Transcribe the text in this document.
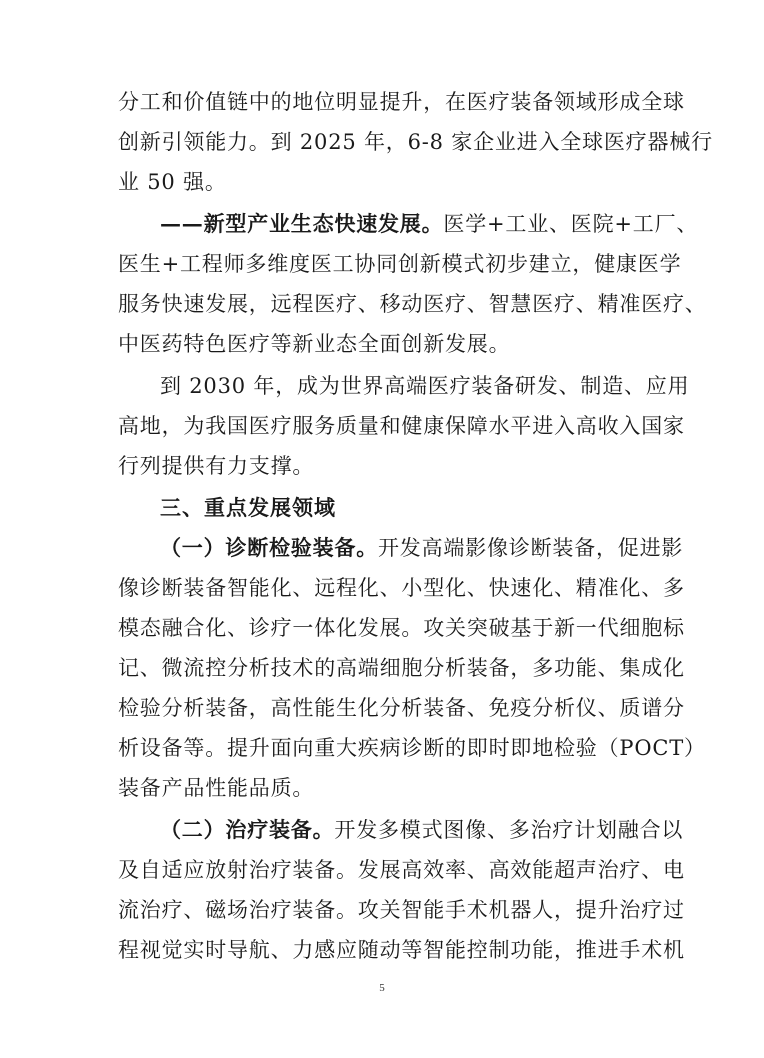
分工和价值链中的地位明显提升，在医疗装备领域形成全球
创新引领能力。到 2025 年，6-8 家企业进入全球医疗器械行
业 50 强。
——新型产业生态快速发展。医学+工业、医院+工厂、
医生+工程师多维度医工协同创新模式初步建立，健康医学
服务快速发展，远程医疗、移动医疗、智慧医疗、精准医疗、
中医药特色医疗等新业态全面创新发展。
到 2030 年，成为世界高端医疗装备研发、制造、应用
高地，为我国医疗服务质量和健康保障水平进入高收入国家
行列提供有力支撑。
三、重点发展领域
（一）诊断检验装备。开发高端影像诊断装备，促进影
像诊断装备智能化、远程化、小型化、快速化、精准化、多
模态融合化、诊疗一体化发展。攻关突破基于新一代细胞标
记、微流控分析技术的高端细胞分析装备，多功能、集成化
检验分析装备，高性能生化分析装备、免疫分析仪、质谱分
析设备等。提升面向重大疾病诊断的即时即地检验（POCT）
装备产品性能品质。
（二）治疗装备。开发多模式图像、多治疗计划融合以
及自适应放射治疗装备。发展高效率、高效能超声治疗、电
流治疗、磁场治疗装备。攻关智能手术机器人，提升治疗过
程视觉实时导航、力感应随动等智能控制功能，推进手术机
5
